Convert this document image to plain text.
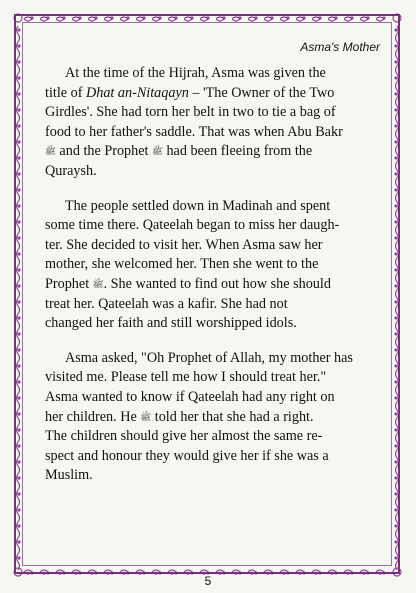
Asma's Mother

At the time of the Hijrah, Asma was given the
title of Dhat an-Nitaqayn – 'The Owner of the Two
Girdles'. She had torn her belt in two to tie a bag of
food to her father's saddle. That was when Abu Bakr
ﷺ and the Prophet ﷺ had been fleeing from the
Quraysh.

The people settled down in Madinah and spent
some time there. Qateelah began to miss her daugh-
ter. She decided to visit her. When Asma saw her
mother, she welcomed her. Then she went to the
Prophet ﷺ. She wanted to find out how she should
treat her. Qateelah was a kafir. She had not
changed her faith and still worshipped idols.

Asma asked, "Oh Prophet of Allah, my mother has
visited me. Please tell me how I should treat her."
Asma wanted to know if Qateelah had any right on
her children. He ﷺ told her that she had a right.
The children should give her almost the same re-
spect and honour they would give her if she was a
Muslim.

5
